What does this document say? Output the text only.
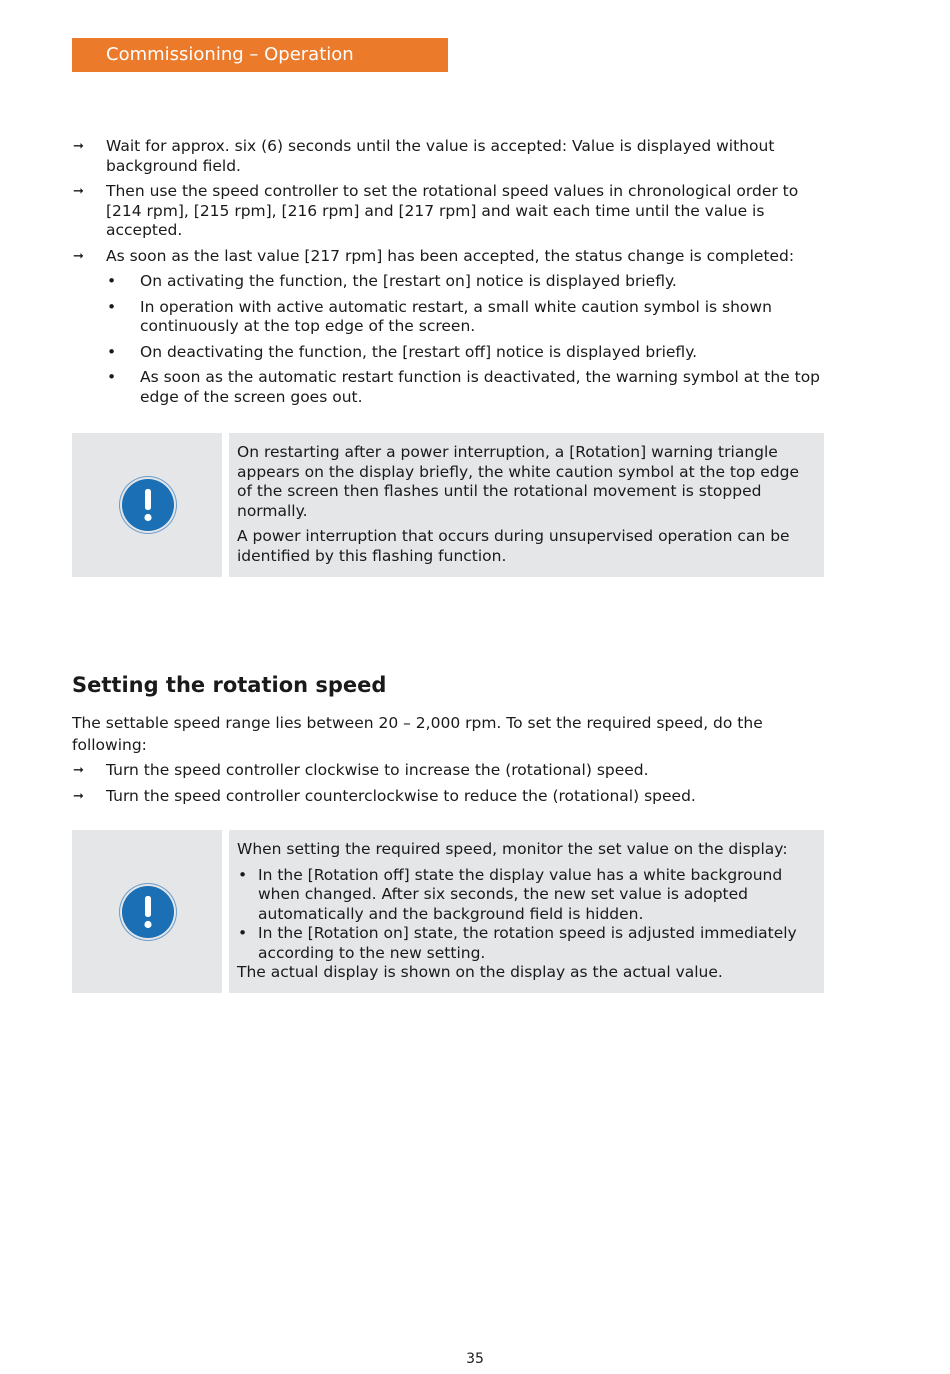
Commissioning – Operation
➞ Wait for approx. six (6) seconds until the value is accepted: Value is displayed without background field.
➞ Then use the speed controller to set the rotational speed values in chronological order to [214 rpm], [215 rpm], [216 rpm] and [217 rpm] and wait each time until the value is accepted.
➞ As soon as the last value [217 rpm] has been accepted, the status change is completed:
• On activating the function, the [restart on] notice is displayed briefly.
• In operation with active automatic restart, a small white caution symbol is shown continuously at the top edge of the screen.
• On deactivating the function, the [restart off] notice is displayed briefly.
• As soon as the automatic restart function is deactivated, the warning symbol at the top edge of the screen goes out.

On restarting after a power interruption, a [Rotation] warning triangle appears on the display briefly, the white caution symbol at the top edge of the screen then flashes until the rotational movement is stopped normally.

A power interruption that occurs during unsupervised operation can be identified by this flashing function.

Setting the rotation speed

The settable speed range lies between 20 – 2,000 rpm. To set the required speed, do the following:

➞ Turn the speed controller clockwise to increase the (rotational) speed.
➞ Turn the speed controller counterclockwise to reduce the (rotational) speed.

When setting the required speed, monitor the set value on the display:

• In the [Rotation off] state the display value has a white background when changed. After six seconds, the new set value is adopted automatically and the background field is hidden.
• In the [Rotation on] state, the rotation speed is adjusted immediately according to the new setting.

The actual display is shown on the display as the actual value.

35
